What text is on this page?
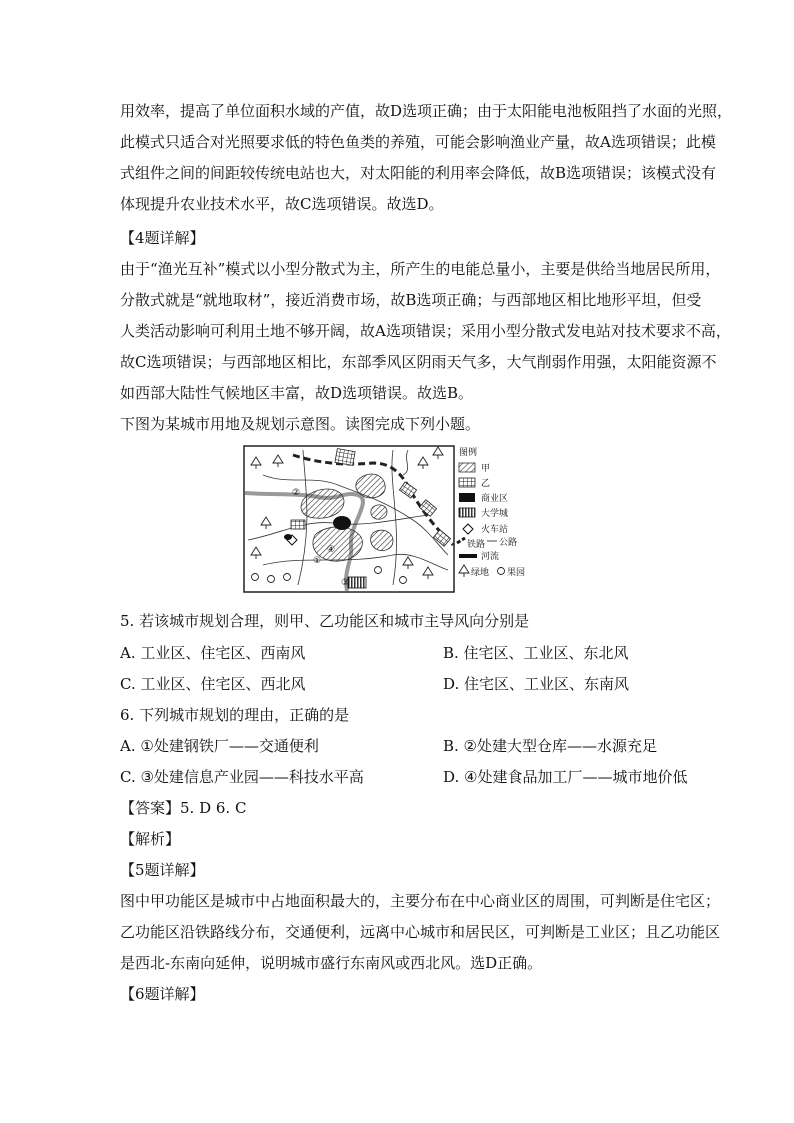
用效率，提高了单位面积水域的产值，故D选项正确；由于太阳能电池板阻挡了水面的光照，
此模式只适合对光照要求低的特色鱼类的养殖，可能会影响渔业产量，故A选项错误；此模
式组件之间的间距较传统电站也大，对太阳能的利用率会降低，故B选项错误；该模式没有
体现提升农业技术水平，故C选项错误。故选D。
【4题详解】
由于“渔光互补”模式以小型分散式为主，所产生的电能总量小，主要是供给当地居民所用，
分散式就是“就地取材”，接近消费市场，故B选项正确；与西部地区相比地形平坦，但受
人类活动影响可利用土地不够开阔，故A选项错误；采用小型分散式发电站对技术要求不高，
故C选项错误；与西部地区相比，东部季风区阴雨天气多，大气削弱作用强，太阳能资源不
如西部大陆性气候地区丰富，故D选项错误。故选B。
下图为某城市用地及规划示意图。读图完成下列小题。
②
①
③
④
图例
甲
乙
商业区
大学城
火车站
铁路 公路
河流
绿地 果园
5. 若该城市规划合理，则甲、乙功能区和城市主导风向分别是
A. 工业区、住宅区、西南风	B. 住宅区、工业区、东北风
C. 工业区、住宅区、西北风	D. 住宅区、工业区、东南风
6. 下列城市规划的理由，正确的是
A. ①处建钢铁厂——交通便利	B. ②处建大型仓库——水源充足
C. ③处建信息产业园——科技水平高	D. ④处建食品加工厂——城市地价低
【答案】5. D 6. C
【解析】
【5题详解】
图中甲功能区是城市中占地面积最大的，主要分布在中心商业区的周围，可判断是住宅区；
乙功能区沿铁路线分布，交通便利，远离中心城市和居民区，可判断是工业区；且乙功能区
是西北-东南向延伸，说明城市盛行东南风或西北风。选D正确。
【6题详解】
